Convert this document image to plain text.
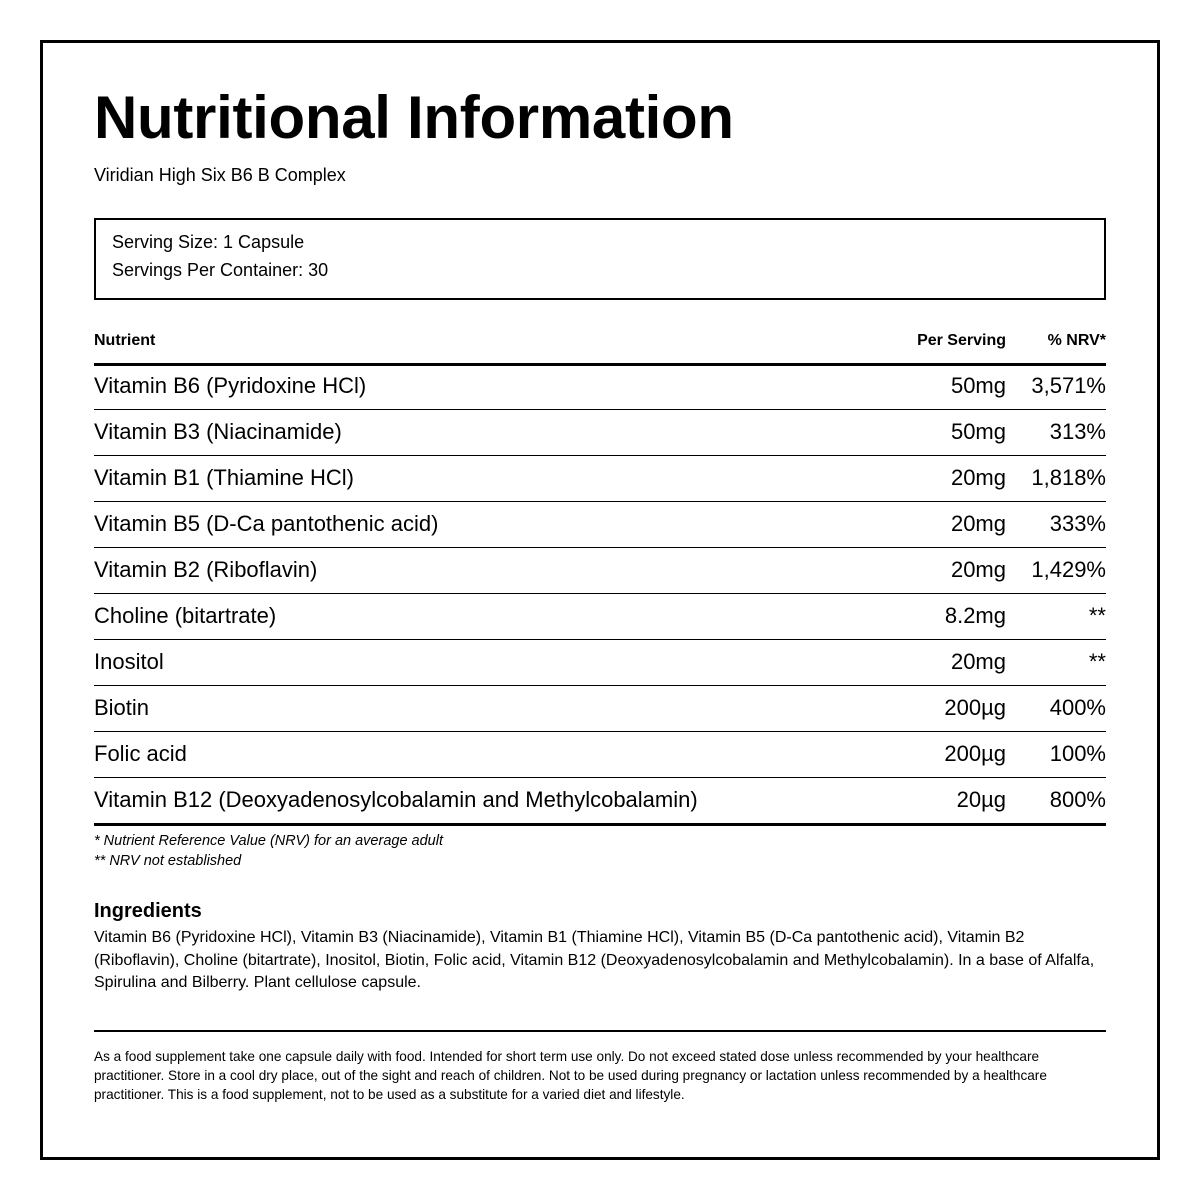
Nutritional Information
Viridian High Six B6 B Complex
Serving Size: 1 Capsule
Servings Per Container: 30
Nutrient	Per Serving	% NRV*
Vitamin B6 (Pyridoxine HCl)	50mg 3,571%
Vitamin B3 (Niacinamide)	50mg 313%
Vitamin B1 (Thiamine HCl)	20mg 1,818%
Vitamin B5 (D-Ca pantothenic acid)	20mg 333%
Vitamin B2 (Riboflavin)	20mg 1,429%
Choline (bitartrate)	8.2mg	**
Inositol	20mg	**
Biotin	200µg 400%
Folic acid	200µg 100%
Vitamin B12 (Deoxyadenosylcobalamin and Methylcobalamin)	20µg 800%
* Nutrient Reference Value (NRV) for an average adult
** NRV not established
Ingredients
Vitamin B6 (Pyridoxine HCl), Vitamin B3 (Niacinamide), Vitamin B1 (Thiamine HCl), Vitamin B5 (D-Ca pantothenic acid), Vitamin B2 (Riboflavin), Choline (bitartrate), Inositol, Biotin, Folic acid, Vitamin B12 (Deoxyadenosylcobalamin and Methylcobalamin). In a base of Alfalfa, Spirulina and Bilberry. Plant cellulose capsule.
As a food supplement take one capsule daily with food. Intended for short term use only. Do not exceed stated dose unless recommended by your healthcare practitioner. Store in a cool dry place, out of the sight and reach of children. Not to be used during pregnancy or lactation unless recommended by a healthcare practitioner. This is a food supplement, not to be used as a substitute for a varied diet and lifestyle.
